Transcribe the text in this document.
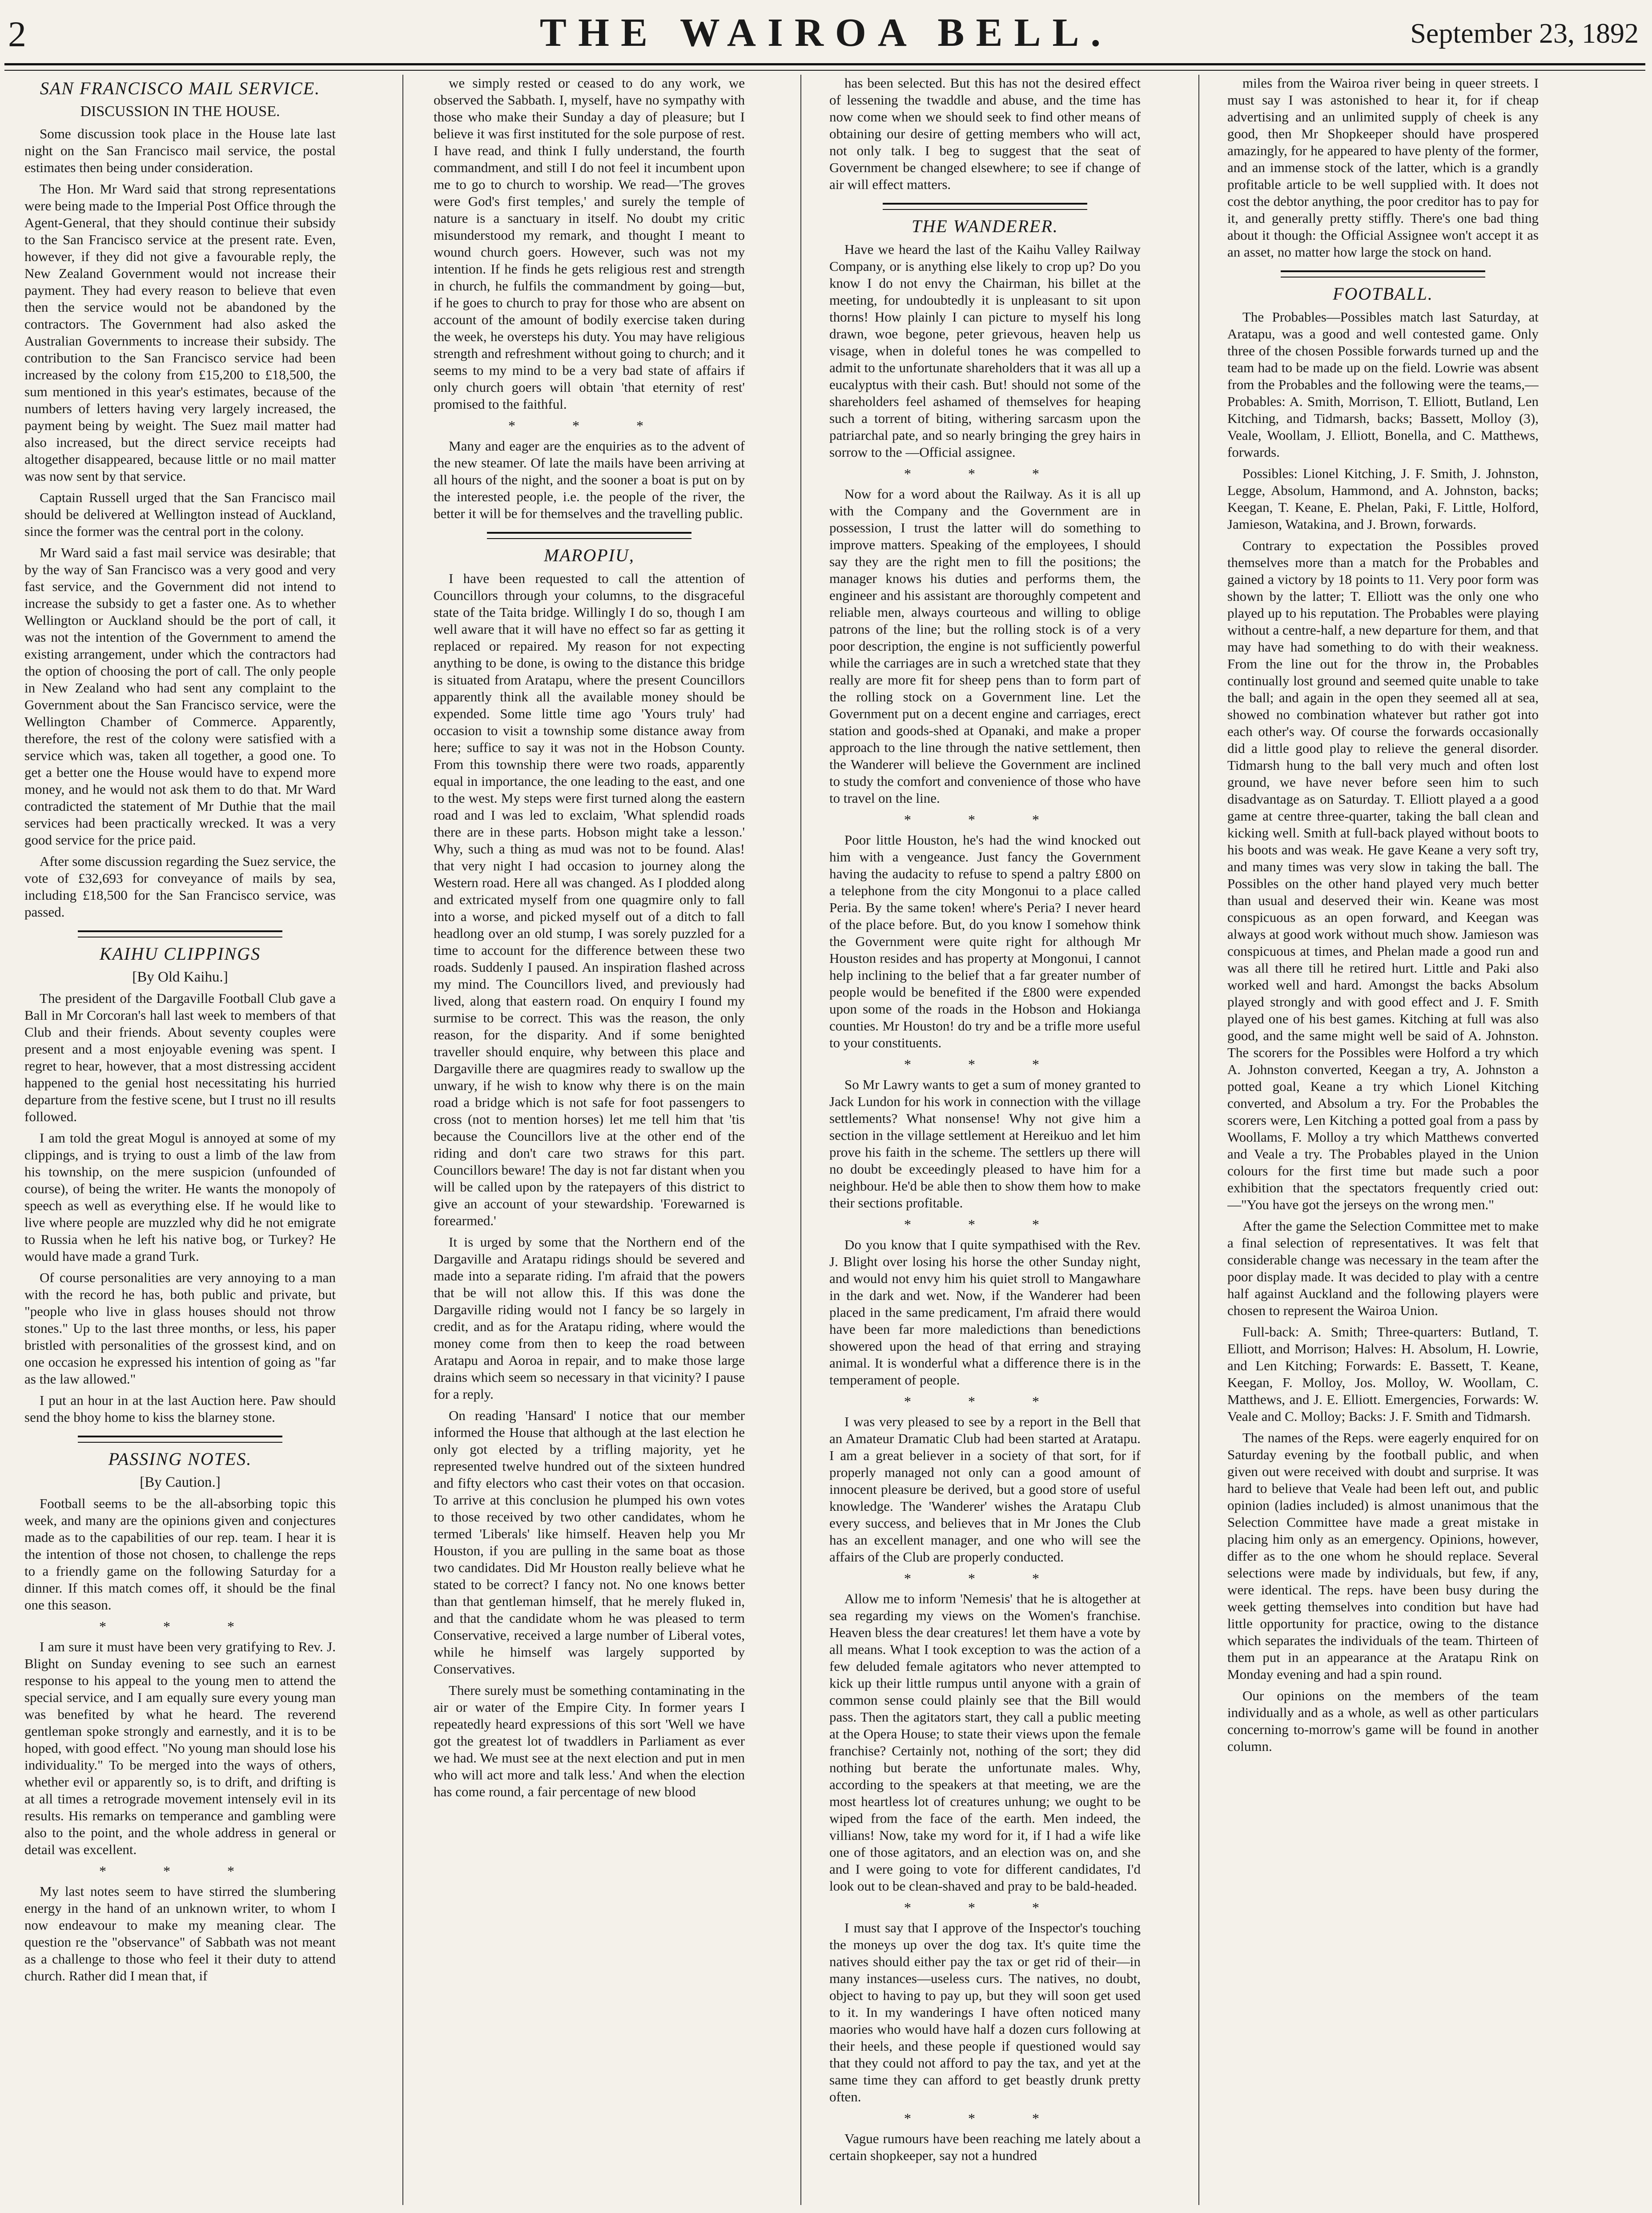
2	THE WAIROA BELL.	September 23, 1892
SAN FRANCISCO MAIL SERVICE.
DISCUSSION IN THE HOUSE.

Some discussion took place in the House late last night on the San Francisco mail service, the postal estimates then being under consideration.

The Hon. Mr Ward said that strong representations were being made to the Imperial Post Office through the Agent-General, that they should continue their subsidy to the San Francisco service at the present rate. Even, however, if they did not give a favourable reply, the New Zealand Government would not increase their payment. They had every reason to believe that even then the service would not be abandoned by the contractors. The Government had also asked the Australian Governments to increase their subsidy. The contribution to the San Francisco service had been increased by the colony from £15,200 to £18,500, the sum mentioned in this year's estimates, because of the numbers of letters having very largely increased, the payment being by weight. The Suez mail matter had also increased, but the direct service receipts had altogether disappeared, because little or no mail matter was now sent by that service.

Captain Russell urged that the San Francisco mail should be delivered at Wellington instead of Auckland, since the former was the central port in the colony.

Mr Ward said a fast mail service was desirable; that by the way of San Francisco was a very good and very fast service, and the Government did not intend to increase the subsidy to get a faster one. As to whether Wellington or Auckland should be the port of call, it was not the intention of the Government to amend the existing arrangement, under which the contractors had the option of choosing the port of call. The only people in New Zealand who had sent any complaint to the Government about the San Francisco service, were the Wellington Chamber of Commerce. Apparently, therefore, the rest of the colony were satisfied with a service which was, taken all together, a good one. To get a better one the House would have to expend more money, and he would not ask them to do that. Mr Ward contradicted the statement of Mr Duthie that the mail services had been practically wrecked. It was a very good service for the price paid.

After some discussion regarding the Suez service, the vote of £32,693 for conveyance of mails by sea, including £18,500 for the San Francisco service, was passed.

KAIHU CLIPPINGS
[By Old Kaihu.]

The president of the Dargaville Football Club gave a Ball in Mr Corcoran's hall last week to members of that Club and their friends. About seventy couples were present and a most enjoyable evening was spent. I regret to hear, however, that a most distressing accident happened to the genial host necessitating his hurried departure from the festive scene, but I trust no ill results followed.

I am told the great Mogul is annoyed at some of my clippings, and is trying to oust a limb of the law from his township, on the mere suspicion (unfounded of course), of being the writer. He wants the monopoly of speech as well as everything else. If he would like to live where people are muzzled why did he not emigrate to Russia when he left his native bog, or Turkey? He would have made a grand Turk.

Of course personalities are very annoying to a man with the record he has, both public and private, but "people who live in glass houses should not throw stones." Up to the last three months, or less, his paper bristled with personalities of the grossest kind, and on one occasion he expressed his intention of going as "far as the law allowed."

I put an hour in at the last Auction here. Paw should send the bhoy home to kiss the blarney stone.

PASSING NOTES.
[By Caution.]

Football seems to be the all-absorbing topic this week, and many are the opinions given and conjectures made as to the capabilities of our rep. team. I hear it is the intention of those not chosen, to challenge the reps to a friendly game on the following Saturday for a dinner. If this match comes off, it should be the final one this season.

* * *

I am sure it must have been very gratifying to Rev. J. Blight on Sunday evening to see such an earnest response to his appeal to the young men to attend the special service, and I am equally sure every young man was benefited by what he heard. The reverend gentleman spoke strongly and earnestly, and it is to be hoped, with good effect. "No young man should lose his individuality." To be merged into the ways of others, whether evil or apparently so, is to drift, and drifting is at all times a retrograde movement intensely evil in its results. His remarks on temperance and gambling were also to the point, and the whole address in general or detail was excellent.

* * *

My last notes seem to have stirred the slumbering energy in the hand of an unknown writer, to whom I now endeavour to make my meaning clear. The question re the "observance" of Sabbath was not meant as a challenge to those who feel it their duty to attend church. Rather did I mean that, if

we simply rested or ceased to do any work, we observed the Sabbath. I, myself, have no sympathy with those who make their Sunday a day of pleasure; but I believe it was first instituted for the sole purpose of rest. I have read, and think I fully understand, the fourth commandment, and still I do not feel it incumbent upon me to go to church to worship. We read—'The groves were God's first temples,' and surely the temple of nature is a sanctuary in itself. No doubt my critic misunderstood my remark, and thought I meant to wound church goers. However, such was not my intention. If he finds he gets religious rest and strength in church, he fulfils the commandment by going—but, if he goes to church to pray for those who are absent on account of the amount of bodily exercise taken during the week, he oversteps his duty. You may have religious strength and refreshment without going to church; and it seems to my mind to be a very bad state of affairs if only church goers will obtain 'that eternity of rest' promised to the faithful.

* * *

Many and eager are the enquiries as to the advent of the new steamer. Of late the mails have been arriving at all hours of the night, and the sooner a boat is put on by the interested people, i.e. the people of the river, the better it will be for themselves and the travelling public.

MAROPIU,

I have been requested to call the attention of Councillors through your columns, to the disgraceful state of the Taita bridge. Willingly I do so, though I am well aware that it will have no effect so far as getting it replaced or repaired. My reason for not expecting anything to be done, is owing to the distance this bridge is situated from Aratapu, where the present Councillors apparently think all the available money should be expended. Some little time ago 'Yours truly' had occasion to visit a township some distance away from here; suffice to say it was not in the Hobson County. From this township there were two roads, apparently equal in importance, the one leading to the east, and one to the west. My steps were first turned along the eastern road and I was led to exclaim, 'What splendid roads there are in these parts. Hobson might take a lesson.' Why, such a thing as mud was not to be found. Alas! that very night I had occasion to journey along the Western road. Here all was changed. As I plodded along and extricated myself from one quagmire only to fall into a worse, and picked myself out of a ditch to fall headlong over an old stump, I was sorely puzzled for a time to account for the difference between these two roads. Suddenly I paused. An inspiration flashed across my mind. The Councillors lived, and previously had lived, along that eastern road. On enquiry I found my surmise to be correct. This was the reason, the only reason, for the disparity. And if some benighted traveller should enquire, why between this place and Dargaville there are quagmires ready to swallow up the unwary, if he wish to know why there is on the main road a bridge which is not safe for foot passengers to cross (not to mention horses) let me tell him that 'tis because the Councillors live at the other end of the riding and don't care two straws for this part. Councillors beware! The day is not far distant when you will be called upon by the ratepayers of this district to give an account of your stewardship. 'Forewarned is forearmed.'

It is urged by some that the Northern end of the Dargaville and Aratapu ridings should be severed and made into a separate riding. I'm afraid that the powers that be will not allow this. If this was done the Dargaville riding would not I fancy be so largely in credit, and as for the Aratapu riding, where would the money come from then to keep the road between Aratapu and Aoroa in repair, and to make those large drains which seem so necessary in that vicinity? I pause for a reply.

On reading 'Hansard' I notice that our member informed the House that although at the last election he only got elected by a trifling majority, yet he represented twelve hundred out of the sixteen hundred and fifty electors who cast their votes on that occasion. To arrive at this conclusion he plumped his own votes to those received by two other candidates, whom he termed 'Liberals' like himself. Heaven help you Mr Houston, if you are pulling in the same boat as those two candidates. Did Mr Houston really believe what he stated to be correct? I fancy not. No one knows better than that gentleman himself, that he merely fluked in, and that the candidate whom he was pleased to term Conservative, received a large number of Liberal votes, while he himself was largely supported by Conservatives.

There surely must be something contaminating in the air or water of the Empire City. In former years I repeatedly heard expressions of this sort 'Well we have got the greatest lot of twaddlers in Parliament as ever we had. We must see at the next election and put in men who will act more and talk less.' And when the election has come round, a fair percentage of new blood

has been selected. But this has not the desired effect of lessening the twaddle and abuse, and the time has now come when we should seek to find other means of obtaining our desire of getting members who will act, not only talk. I beg to suggest that the seat of Government be changed elsewhere; to see if change of air will effect matters.

THE WANDERER.

Have we heard the last of the Kaihu Valley Railway Company, or is anything else likely to crop up? Do you know I do not envy the Chairman, his billet at the meeting, for undoubtedly it is unpleasant to sit upon thorns! How plainly I can picture to myself his long drawn, woe begone, peter grievous, heaven help us visage, when in doleful tones he was compelled to admit to the unfortunate shareholders that it was all up a eucalyptus with their cash. But! should not some of the shareholders feel ashamed of themselves for heaping such a torrent of biting, withering sarcasm upon the patriarchal pate, and so nearly bringing the grey hairs in sorrow to the —Official assignee.

* * *

Now for a word about the Railway. As it is all up with the Company and the Government are in possession, I trust the latter will do something to improve matters. Speaking of the employees, I should say they are the right men to fill the positions; the manager knows his duties and performs them, the engineer and his assistant are thoroughly competent and reliable men, always courteous and willing to oblige patrons of the line; but the rolling stock is of a very poor description, the engine is not sufficiently powerful while the carriages are in such a wretched state that they really are more fit for sheep pens than to form part of the rolling stock on a Government line. Let the Government put on a decent engine and carriages, erect station and goods-shed at Opanaki, and make a proper approach to the line through the native settlement, then the Wanderer will believe the Government are inclined to study the comfort and convenience of those who have to travel on the line.

* * *

Poor little Houston, he's had the wind knocked out him with a vengeance. Just fancy the Government having the audacity to refuse to spend a paltry £800 on a telephone from the city Mongonui to a place called Peria. By the same token! where's Peria? I never heard of the place before. But, do you know I somehow think the Government were quite right for although Mr Houston resides and has property at Mongonui, I cannot help inclining to the belief that a far greater number of people would be benefited if the £800 were expended upon some of the roads in the Hobson and Hokianga counties. Mr Houston! do try and be a trifle more useful to your constituents.

* * *

So Mr Lawry wants to get a sum of money granted to Jack Lundon for his work in connection with the village settlements? What nonsense! Why not give him a section in the village settlement at Hereikuo and let him prove his faith in the scheme. The settlers up there will no doubt be exceedingly pleased to have him for a neighbour. He'd be able then to show them how to make their sections profitable.

* * *

Do you know that I quite sympathised with the Rev. J. Blight over losing his horse the other Sunday night, and would not envy him his quiet stroll to Mangawhare in the dark and wet. Now, if the Wanderer had been placed in the same predicament, I'm afraid there would have been far more maledictions than benedictions showered upon the head of that erring and straying animal. It is wonderful what a difference there is in the temperament of people.

* * *

I was very pleased to see by a report in the Bell that an Amateur Dramatic Club had been started at Aratapu. I am a great believer in a society of that sort, for if properly managed not only can a good amount of innocent pleasure be derived, but a good store of useful knowledge. The 'Wanderer' wishes the Aratapu Club every success, and believes that in Mr Jones the Club has an excellent manager, and one who will see the affairs of the Club are properly conducted.

* * *

Allow me to inform 'Nemesis' that he is altogether at sea regarding my views on the Women's franchise. Heaven bless the dear creatures! let them have a vote by all means. What I took exception to was the action of a few deluded female agitators who never attempted to kick up their little rumpus until anyone with a grain of common sense could plainly see that the Bill would pass. Then the agitators start, they call a public meeting at the Opera House; to state their views upon the female franchise? Certainly not, nothing of the sort; they did nothing but berate the unfortunate males. Why, according to the speakers at that meeting, we are the most heartless lot of creatures unhung; we ought to be wiped from the face of the earth. Men indeed, the villians! Now, take my word for it, if I had a wife like one of those agitators, and an election was on, and she and I were going to vote for different candidates, I'd look out to be clean-shaved and pray to be bald-headed.

* * *

I must say that I approve of the Inspector's touching the moneys up over the dog tax. It's quite time the natives should either pay the tax or get rid of their—in many instances—useless curs. The natives, no doubt, object to having to pay up, but they will soon get used to it. In my wanderings I have often noticed many maories who would have half a dozen curs following at their heels, and these people if questioned would say that they could not afford to pay the tax, and yet at the same time they can afford to get beastly drunk pretty often.

* * *

Vague rumours have been reaching me lately about a certain shopkeeper, say not a hundred

miles from the Wairoa river being in queer streets. I must say I was astonished to hear it, for if cheap advertising and an unlimited supply of cheek is any good, then Mr Shopkeeper should have prospered amazingly, for he appeared to have plenty of the former, and an immense stock of the latter, which is a grandly profitable article to be well supplied with. It does not cost the debtor anything, the poor creditor has to pay for it, and generally pretty stiffly. There's one bad thing about it though: the Official Assignee won't accept it as an asset, no matter how large the stock on hand.

FOOTBALL.

The Probables—Possibles match last Saturday, at Aratapu, was a good and well contested game. Only three of the chosen Possible forwards turned up and the team had to be made up on the field. Lowrie was absent from the Probables and the following were the teams,— Probables: A. Smith, Morrison, T. Elliott, Butland, Len Kitching, and Tidmarsh, backs; Bassett, Molloy (3), Veale, Woollam, J. Elliott, Bonella, and C. Matthews, forwards.

Possibles: Lionel Kitching, J. F. Smith, J. Johnston, Legge, Absolum, Hammond, and A. Johnston, backs; Keegan, T. Keane, E. Phelan, Paki, F. Little, Holford, Jamieson, Watakina, and J. Brown, forwards.

Contrary to expectation the Possibles proved themselves more than a match for the Probables and gained a victory by 18 points to 11. Very poor form was shown by the latter; T. Elliott was the only one who played up to his reputation. The Probables were playing without a centre-half, a new departure for them, and that may have had something to do with their weakness. From the line out for the throw in, the Probables continually lost ground and seemed quite unable to take the ball; and again in the open they seemed all at sea, showed no combination whatever but rather got into each other's way. Of course the forwards occasionally did a little good play to relieve the general disorder. Tidmarsh hung to the ball very much and often lost ground, we have never before seen him to such disadvantage as on Saturday. T. Elliott played a a good game at centre three-quarter, taking the ball clean and kicking well. Smith at full-back played without boots to his boots and was weak. He gave Keane a very soft try, and many times was very slow in taking the ball. The Possibles on the other hand played very much better than usual and deserved their win. Keane was most conspicuous as an open forward, and Keegan was always at good work without much show. Jamieson was conspicuous at times, and Phelan made a good run and was all there till he retired hurt. Little and Paki also worked well and hard. Amongst the backs Absolum played strongly and with good effect and J. F. Smith played one of his best games. Kitching at full was also good, and the same might well be said of A. Johnston. The scorers for the Possibles were Holford a try which A. Johnston converted, Keegan a try, A. Johnston a potted goal, Keane a try which Lionel Kitching converted, and Absolum a try. For the Probables the scorers were, Len Kitching a potted goal from a pass by Woollams, F. Molloy a try which Matthews converted and Veale a try. The Probables played in the Union colours for the first time but made such a poor exhibition that the spectators frequently cried out: —"You have got the jerseys on the wrong men."

After the game the Selection Committee met to make a final selection of representatives. It was felt that considerable change was necessary in the team after the poor display made. It was decided to play with a centre half against Auckland and the following players were chosen to represent the Wairoa Union.

Full-back: A. Smith; Three-quarters: Butland, T. Elliott, and Morrison; Halves: H. Absolum, H. Lowrie, and Len Kitching; Forwards: E. Bassett, T. Keane, Keegan, F. Molloy, Jos. Molloy, W. Woollam, C. Matthews, and J. E. Elliott. Emergencies, Forwards: W. Veale and C. Molloy; Backs: J. F. Smith and Tidmarsh.

The names of the Reps. were eagerly enquired for on Saturday evening by the football public, and when given out were received with doubt and surprise. It was hard to believe that Veale had been left out, and public opinion (ladies included) is almost unanimous that the Selection Committee have made a great mistake in placing him only as an emergency. Opinions, however, differ as to the one whom he should replace. Several selections were made by individuals, but few, if any, were identical. The reps. have been busy during the week getting themselves into condition but have had little opportunity for practice, owing to the distance which separates the individuals of the team. Thirteen of them put in an appearance at the Aratapu Rink on Monday evening and had a spin round.

Our opinions on the members of the team individually and as a whole, as well as other particulars concerning to-morrow's game will be found in another column.
